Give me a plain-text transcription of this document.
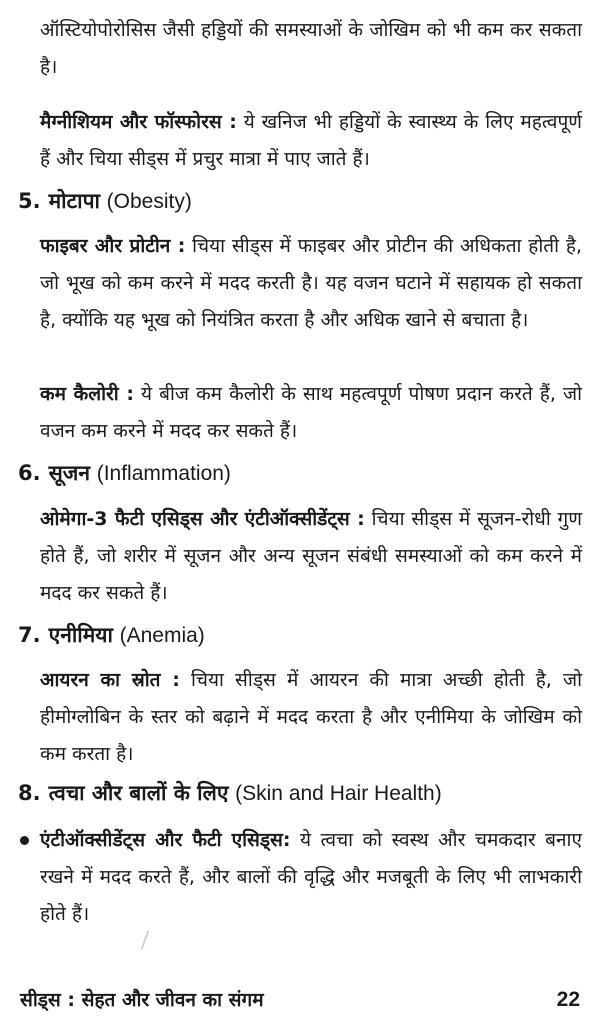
ऑस्टियोपोरोसिस जैसी हड्डियों की समस्याओं के जोखिम को भी कम कर सकता है।
मैग्नीशियम और फॉस्फोरस : ये खनिज भी हड्डियों के स्वास्थ्य के लिए महत्वपूर्ण हैं और चिया सीड्स में प्रचुर मात्रा में पाए जाते हैं।
5. मोटापा (Obesity)
फाइबर और प्रोटीन : चिया सीड्स में फाइबर और प्रोटीन की अधिकता होती है, जो भूख को कम करने में मदद करती है। यह वजन घटाने में सहायक हो सकता है, क्योंकि यह भूख को नियंत्रित करता है और अधिक खाने से बचाता है।
कम कैलोरी : ये बीज कम कैलोरी के साथ महत्वपूर्ण पोषण प्रदान करते हैं, जो वजन कम करने में मदद कर सकते हैं।
6. सूजन (Inflammation)
ओमेगा-3 फैटी एसिड्स और एंटीऑक्सीडेंट्स : चिया सीड्स में सूजन-रोधी गुण होते हैं, जो शरीर में सूजन और अन्य सूजन संबंधी समस्याओं को कम करने में मदद कर सकते हैं।
7. एनीमिया (Anemia)
आयरन का स्रोत : चिया सीड्स में आयरन की मात्रा अच्छी होती है, जो हीमोग्लोबिन के स्तर को बढ़ाने में मदद करता है और एनीमिया के जोखिम को कम करता है।
8. त्वचा और बालों के लिए (Skin and Hair Health)
एंटीऑक्सीडेंट्स और फैटी एसिड्स: ये त्वचा को स्वस्थ और चमकदार बनाए रखने में मदद करते हैं, और बालों की वृद्धि और मजबूती के लिए भी लाभकारी होते हैं।
सीड्स : सेहत और जीवन का संगम	22
